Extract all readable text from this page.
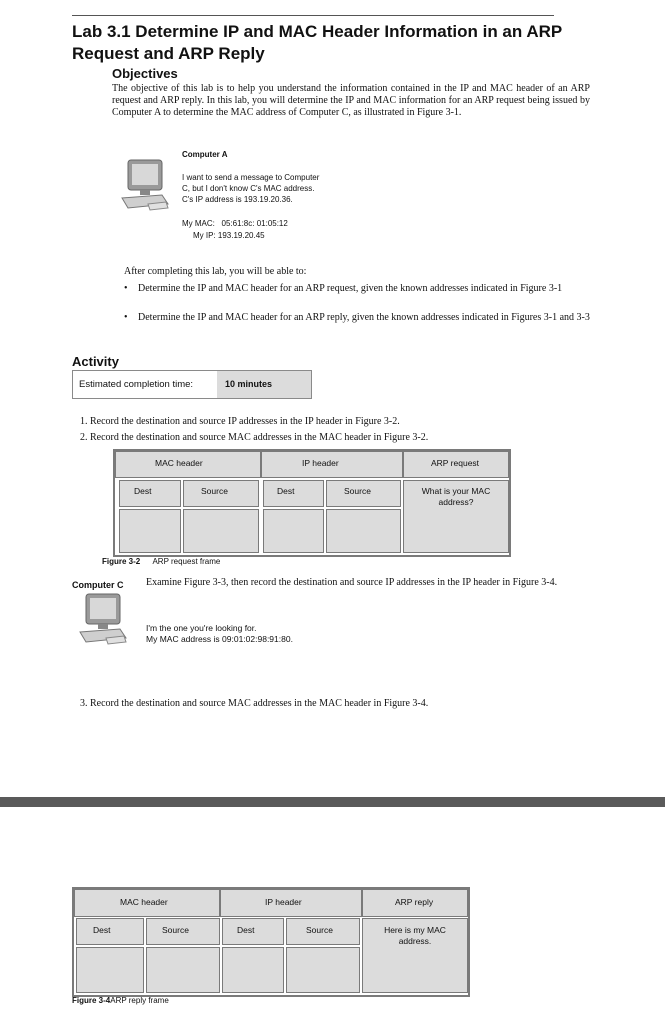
Lab 3.1 Determine IP and MAC Header Information in an ARP Request and ARP Reply
Objectives
The objective of this lab is to help you understand the information contained in the IP and MAC header of an ARP request and ARP reply. In this lab, you will determine the IP and MAC information for an ARP request being issued by Computer A to determine the MAC address of Computer C, as illustrated in Figure 3-1.
Computer A
I want to send a message to Computer
C, but I don't know C's MAC address.
C's IP address is 193.19.20.36.
My MAC:   05:61:8c: 01:05:12
My IP: 193.19.20.45
After completing this lab, you will be able to:
• Determine the IP and MAC header for an ARP request, given the known addresses indicated in Figure 3-1
• Determine the IP and MAC header for an ARP reply, given the known addresses indicated in Figures 3-1 and 3-3
Activity
Estimated completion time:	10 minutes
1. Record the destination and source IP addresses in the IP header in Figure 3-2.
2. Record the destination and source MAC addresses in the MAC header in Figure 3-2.
MAC header	IP header	ARP request
Dest	Source	Dest	Source	What is your MAC address?
Figure 3-2 ARP request frame
Computer C Examine Figure 3-3, then record the destination and source IP addresses in the IP header in Figure 3-4.
I'm the one you're looking for.
My MAC address is 09:01:02:98:91:80.
3. Record the destination and source MAC addresses in the MAC header in Figure 3-4.
MAC header	IP header	ARP reply
Dest	Source	Dest	Source	Here is my MAC address.
Figure 3-4ARP reply frame
